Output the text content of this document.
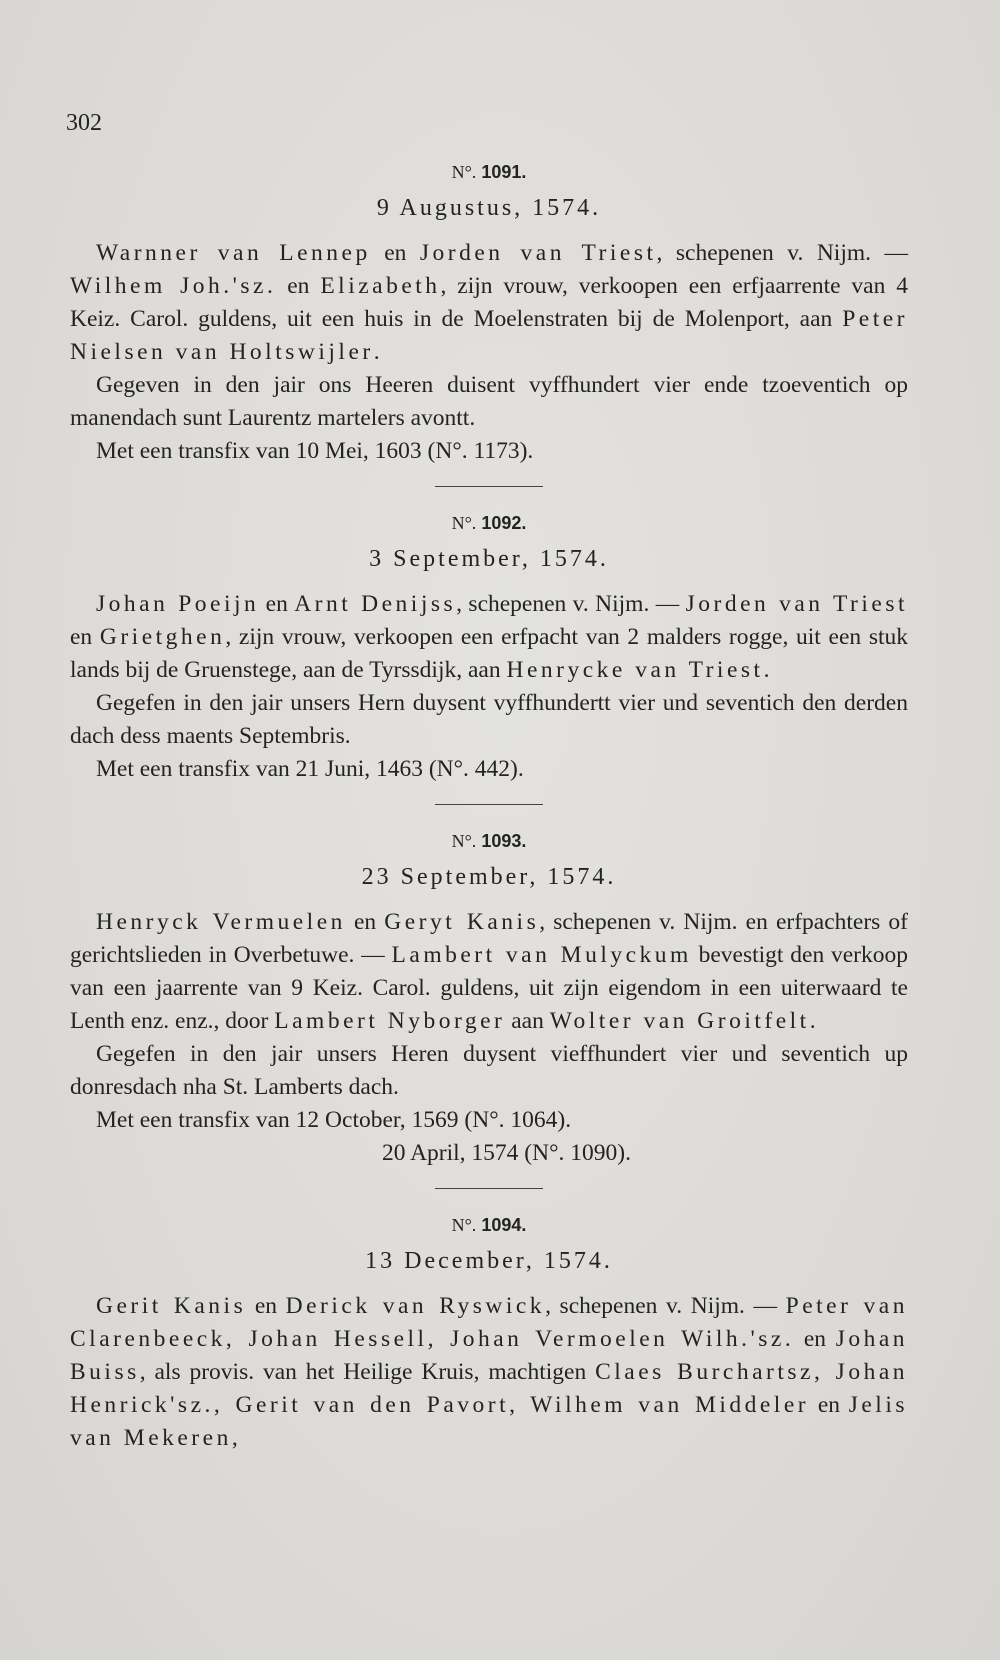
302
N°. 1091.
9 Augustus, 1574.

Warnner van Lennep en Jorden van Triest, schepenen v. Nijm. — Wilhem Joh.'sz. en Elizabeth, zijn vrouw, verkoopen een erfjaarrente van 4 Keiz. Carol. guldens, uit een huis in de Moelenstraten bij de Molenport, aan Peter Nielsen van Holtswijler.

Gegeven in den jair ons Heeren duisent vyffhundert vier ende tzoeventich op manendach sunt Laurentz martelers avontt.

Met een transfix van 10 Mei, 1603 (N°. 1173).

N°. 1092.
3 September, 1574.

Johan Poeijn en Arnt Denijss, schepenen v. Nijm. — Jorden van Triest en Grietghen, zijn vrouw, verkoopen een erfpacht van 2 malders rogge, uit een stuk lands bij de Gruenstege, aan de Tyrssdijk, aan Henrycke van Triest.

Gegefen in den jair unsers Hern duysent vyffhundertt vier und seventich den derden dach dess maents Septembris.

Met een transfix van 21 Juni, 1463 (N°. 442).

N°. 1093.
23 September, 1574.

Henryck Vermuelen en Geryt Kanis, schepenen v. Nijm. en erfpachters of gerichtslieden in Overbetuwe. — Lambert van Mulyckum bevestigt den verkoop van een jaarrente van 9 Keiz. Carol. guldens, uit zijn eigendom in een uiterwaard te Lenth enz. enz., door Lambert Nyborger aan Wolter van Groitfelt.

Gegefen in den jair unsers Heren duysent vieffhundert vier und seventich up donresdach nha St. Lamberts dach.

Met een transfix van 12 October, 1569 (N°. 1064).

20 April, 1574 (N°. 1090).

N°. 1094.
13 December, 1574.

Gerit Kanis en Derick van Ryswick, schepenen v. Nijm. — Peter van Clarenbeeck, Johan Hessell, Johan Vermoelen Wilh.'sz. en Johan Buiss, als provis. van het Heilige Kruis, machtigen Claes Burchartsz, Johan Henrick'sz., Gerit van den Pavort, Wilhem van Middeler en Jelis van Mekeren,
